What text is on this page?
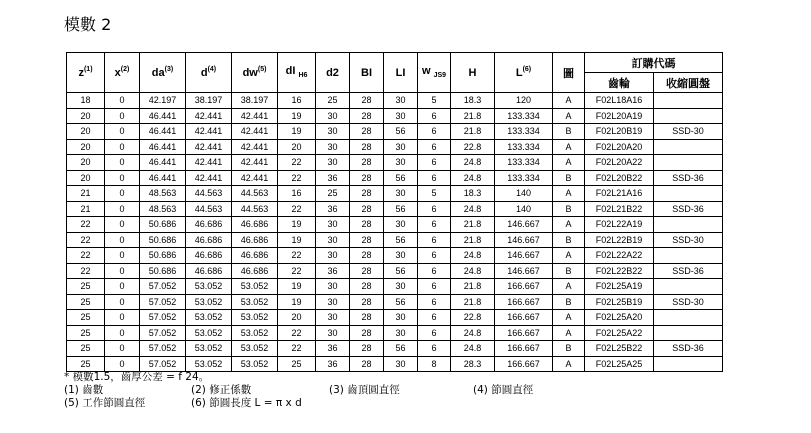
模數 2
$z^{(1)}$	$x^{(2)}$	$da^{(3)}$	$d^{(4)}$	$dw^{(5)}$	dI $_{H6}$	d2	BI	LI	w $_{JS9}$	H	$L^{(6)}$	圖	訂購代碼	
													齒輪	收縮圓盤
18	0	42.197	38.197	38.197	16	25	28	30	5	18.3	120	A	F02L18A16	
20	0	46.441	42.441	42.441	19	30	28	30	6	21.8	133.334	A	F02L20A19	
20	0	46.441	42.441	42.441	19	30	28	56	6	21.8	133.334	B	F02L20B19	SSD-30
20	0	46.441	42.441	42.441	20	30	28	30	6	22.8	133.334	A	F02L20A20	
20	0	46.441	42.441	42.441	22	30	28	30	6	24.8	133.334	A	F02L20A22	
20	0	46.441	42.441	42.441	22	36	28	56	6	24.8	133.334	B	F02L20B22	SSD-36
21	0	48.563	44.563	44.563	16	25	28	30	5	18.3	140	A	F02L21A16	
21	0	48.563	44.563	44.563	22	36	28	56	6	24.8	140	B	F02L21B22	SSD-36
22	0	50.686	46.686	46.686	19	30	28	30	6	21.8	146.667	A	F02L22A19	
22	0	50.686	46.686	46.686	19	30	28	56	6	21.8	146.667	B	F02L22B19	SSD-30
22	0	50.686	46.686	46.686	22	30	28	30	6	24.8	146.667	A	F02L22A22	
22	0	50.686	46.686	46.686	22	36	28	56	6	24.8	146.667	B	F02L22B22	SSD-36
25	0	57.052	53.052	53.052	19	30	28	30	6	21.8	166.667	A	F02L25A19	
25	0	57.052	53.052	53.052	19	30	28	56	6	21.8	166.667	B	F02L25B19	SSD-30
25	0	57.052	53.052	53.052	20	30	28	30	6	22.8	166.667	A	F02L25A20	
25	0	57.052	53.052	53.052	22	30	28	30	6	24.8	166.667	A	F02L25A22	
25	0	57.052	53.052	53.052	22	36	28	56	6	24.8	166.667	B	F02L25B22	SSD-36
25	0	57.052	53.052	53.052	25	36	28	30	8	28.3	166.667	A	F02L25A25	
* 模數1.5，齒厚公差 = f 24。
(1) 齒數	(2) 修正係數	(3) 齒頂圓直徑	(4) 節圓直徑
(5) 工作節圓直徑	(6) 節圓長度 L = π x d
